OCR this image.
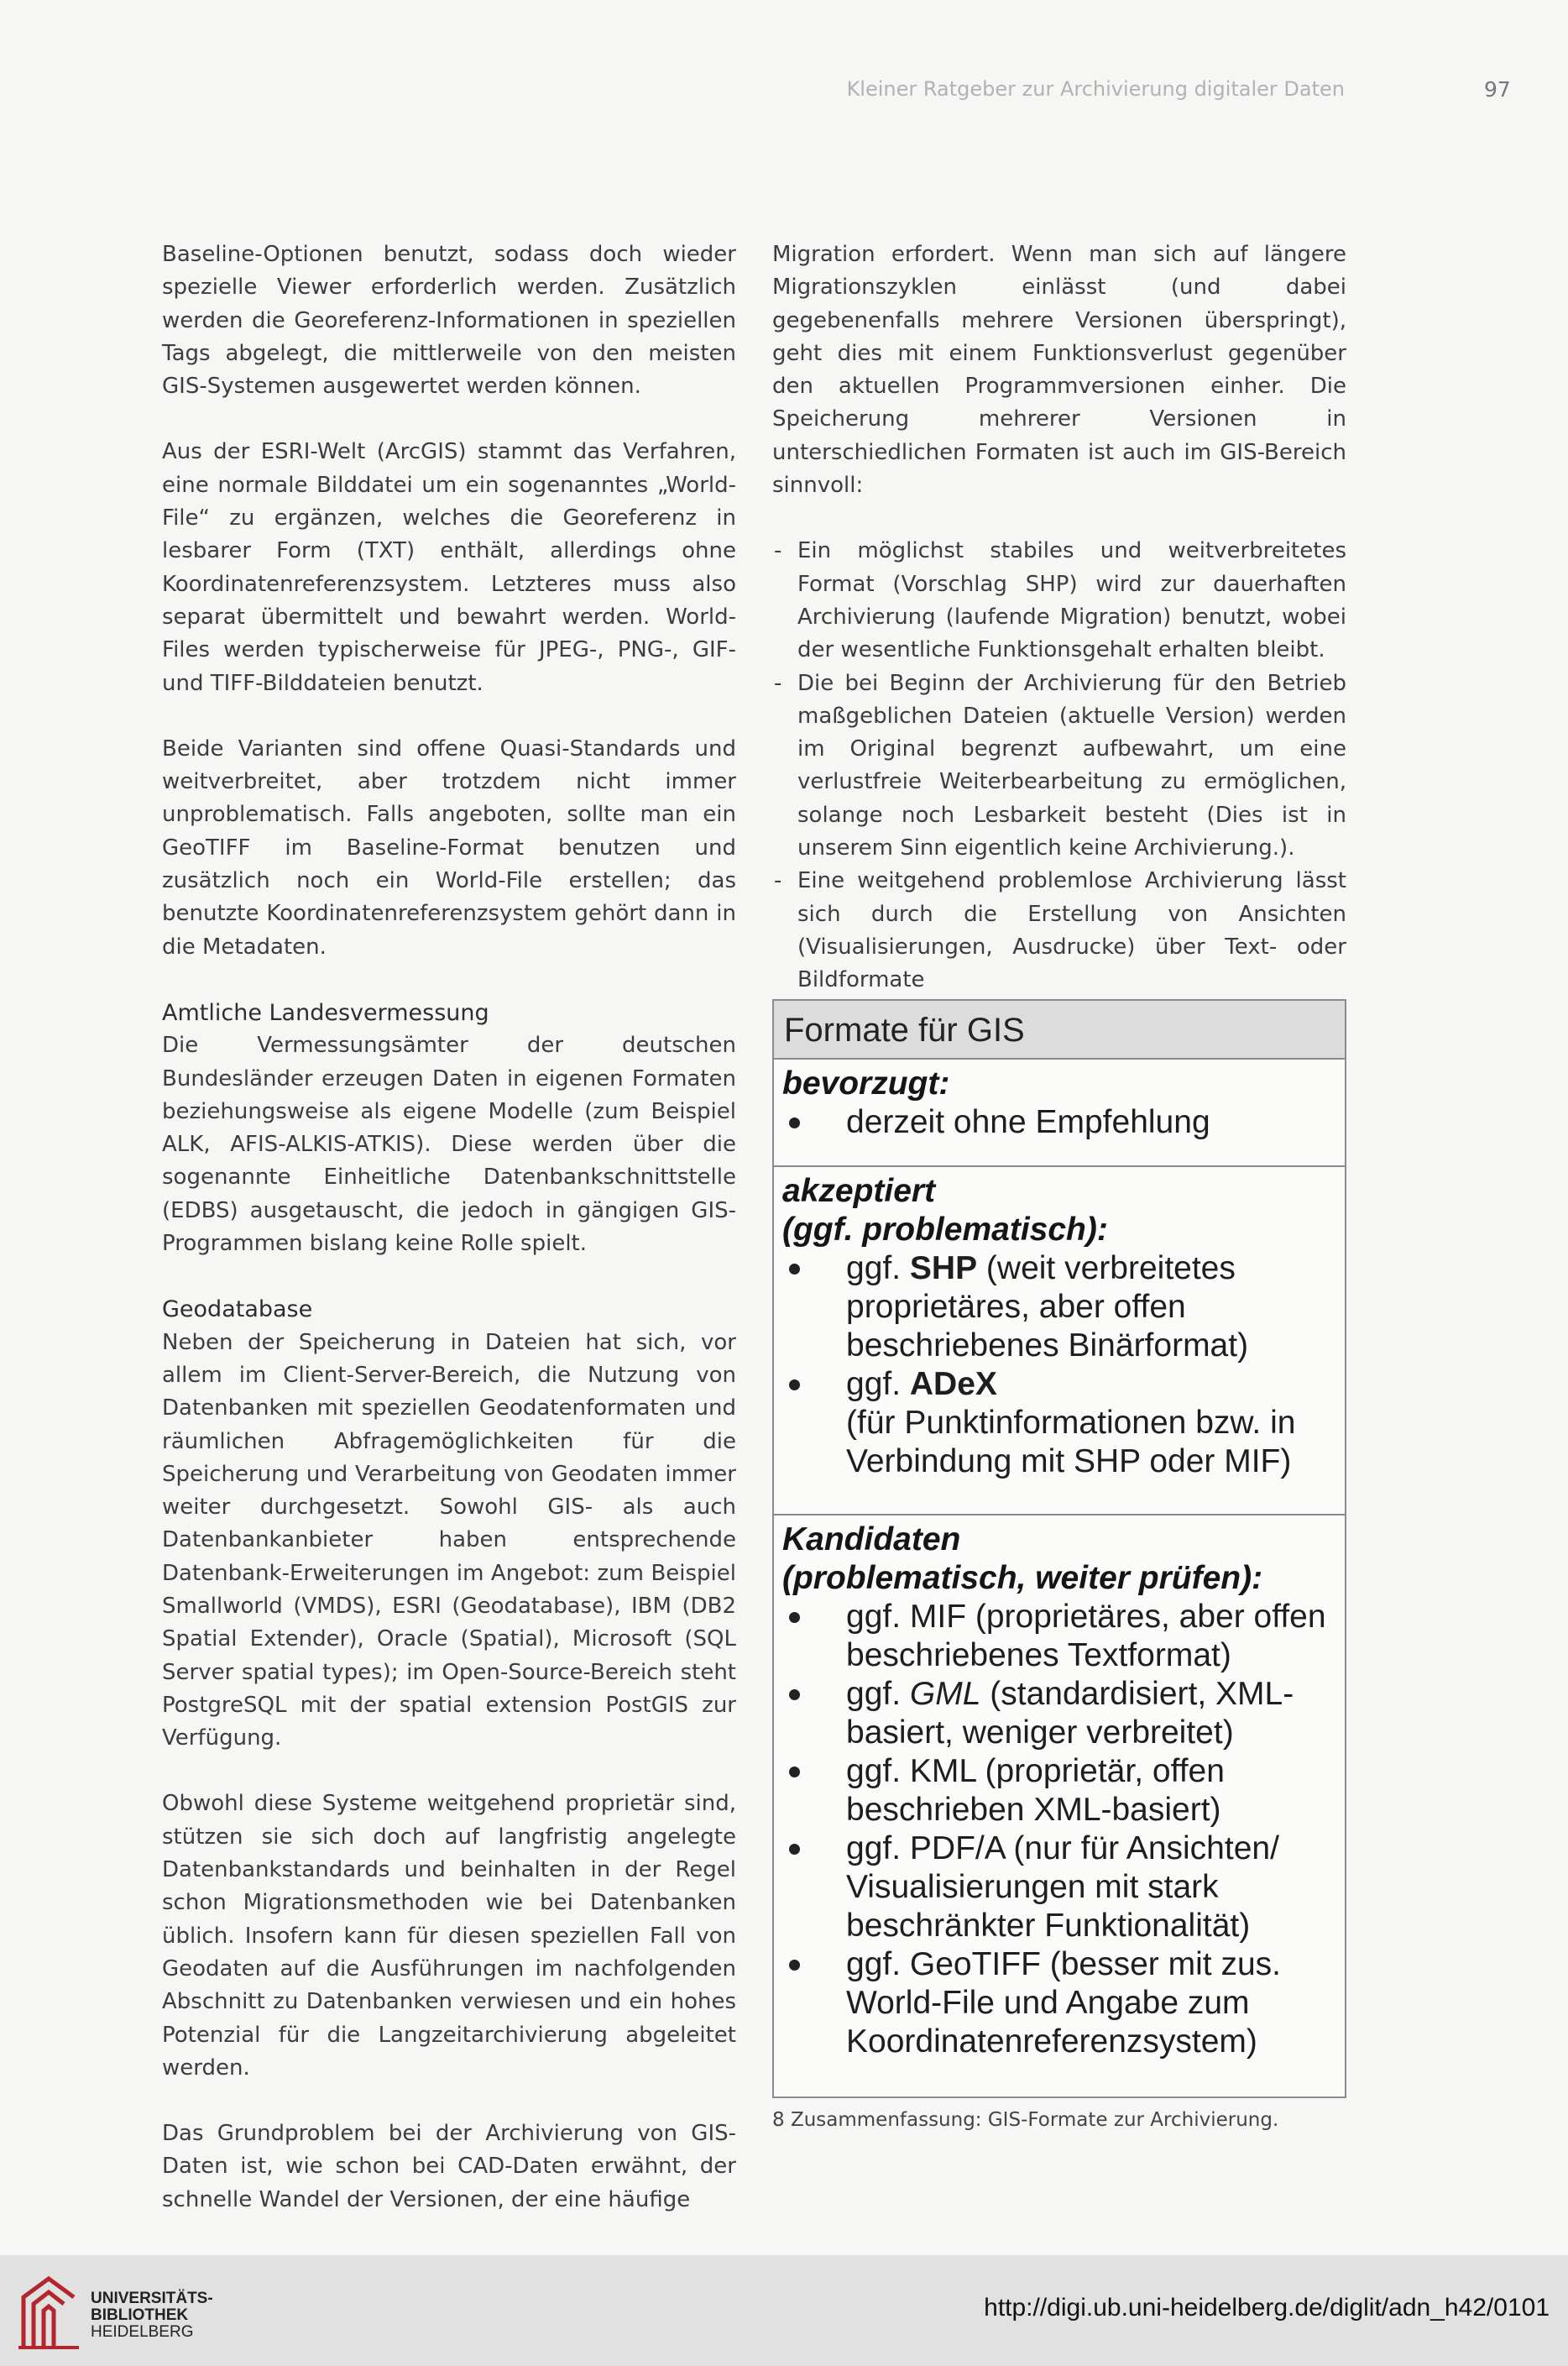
Kleiner Ratgeber zur Archivierung digitaler Daten	97

Baseline-Optionen benutzt, sodass doch wieder spezielle Viewer erforderlich werden. Zusätzlich werden die Georeferenz-Informationen in speziellen Tags abgelegt, die mittlerweile von den meisten GIS-Systemen ausgewertet werden können.

Aus der ESRI-Welt (ArcGIS) stammt das Verfahren, eine normale Bilddatei um ein sogenanntes „World-File“ zu ergänzen, welches die Georeferenz in lesbarer Form (TXT) enthält, allerdings ohne Koordinatenreferenzsystem. Letzteres muss also separat übermittelt und bewahrt werden. World-Files werden typischerweise für JPEG-, PNG-, GIF- und TIFF-Bilddateien benutzt.

Beide Varianten sind offene Quasi-Standards und weitverbreitet, aber trotzdem nicht immer unproblematisch. Falls angeboten, sollte man ein GeoTIFF im Baseline-Format benutzen und zusätzlich noch ein World-File erstellen; das benutzte Koordinatenreferenzsystem gehört dann in die Metadaten.

Amtliche Landesvermessung

Die Vermessungsämter der deutschen Bundesländer erzeugen Daten in eigenen Formaten beziehungsweise als eigene Modelle (zum Beispiel ALK, AFIS-ALKIS-ATKIS). Diese werden über die sogenannte Einheitliche Datenbankschnittstelle (EDBS) ausgetauscht, die jedoch in gängigen GIS-Programmen bislang keine Rolle spielt.

Geodatabase

Neben der Speicherung in Dateien hat sich, vor allem im Client-Server-Bereich, die Nutzung von Datenbanken mit speziellen Geodatenformaten und räumlichen Abfragemöglichkeiten für die Speicherung und Verarbeitung von Geodaten immer weiter durchgesetzt. Sowohl GIS- als auch Datenbankanbieter haben entsprechende Datenbank-Erweiterungen im Angebot: zum Beispiel Smallworld (VMDS), ESRI (Geodatabase), IBM (DB2 Spatial Extender), Oracle (Spatial), Microsoft (SQL Server spatial types); im Open-Source-Bereich steht PostgreSQL mit der spatial extension PostGIS zur Verfügung.

Obwohl diese Systeme weitgehend proprietär sind, stützen sie sich doch auf langfristig angelegte Datenbankstandards und beinhalten in der Regel schon Migrationsmethoden wie bei Datenbanken üblich. Insofern kann für diesen speziellen Fall von Geodaten auf die Ausführungen im nachfolgenden Abschnitt zu Datenbanken verwiesen und ein hohes Potenzial für die Langzeitarchivierung abgeleitet werden.

Das Grundproblem bei der Archivierung von GIS-Daten ist, wie schon bei CAD-Daten erwähnt, der schnelle Wandel der Versionen, der eine häufige

Migration erfordert. Wenn man sich auf längere Migrationszyklen einlässt (und dabei gegebenenfalls mehrere Versionen überspringt), geht dies mit einem Funktionsverlust gegenüber den aktuellen Programmversionen einher. Die Speicherung mehrerer Versionen in unterschiedlichen Formaten ist auch im GIS-Bereich sinnvoll:

- Ein möglichst stabiles und weitverbreitetes Format (Vorschlag SHP) wird zur dauerhaften Archivierung (laufende Migration) benutzt, wobei der wesentliche Funktionsgehalt erhalten bleibt.
- Die bei Beginn der Archivierung für den Betrieb maßgeblichen Dateien (aktuelle Version) werden im Original begrenzt aufbewahrt, um eine verlustfreie Weiterbearbeitung zu ermöglichen, solange noch Lesbarkeit besteht (Dies ist in unserem Sinn eigentlich keine Archivierung.).
- Eine weitgehend problemlose Archivierung lässt sich durch die Erstellung von Ansichten (Visualisierungen, Ausdrucke) über Text- oder Bildformate
Formate für GIS

bevorzugt:

derzeit ohne Empfehlung

akzeptiert
(ggf. problematisch):

ggf. SHP (weit verbreitetes proprietäres, aber offen beschriebenes Binärformat)
ggf. ADeX
(für Punktinformationen bzw. in Verbindung mit SHP oder MIF)

Kandidaten
(problematisch, weiter prüfen):

ggf. MIF (proprietäres, aber offen beschriebenes Textformat)
ggf. GML (standardisiert, XML-basiert, weniger verbreitet)
ggf. KML (proprietär, offen beschrieben XML-basiert)
ggf. PDF/A (nur für Ansichten/ Visualisierungen mit stark beschränkter Funktionalität)
ggf. GeoTIFF (besser mit zus. World-File und Angabe zum Koordinatenreferenzsystem)
8 Zusammenfassung: GIS-Formate zur Archivierung.
UNIVERSITÄTS-
BIBLIOTHEK
HEIDELBERG
http://digi.ub.uni-heidelberg.de/diglit/adn_h42/0101
